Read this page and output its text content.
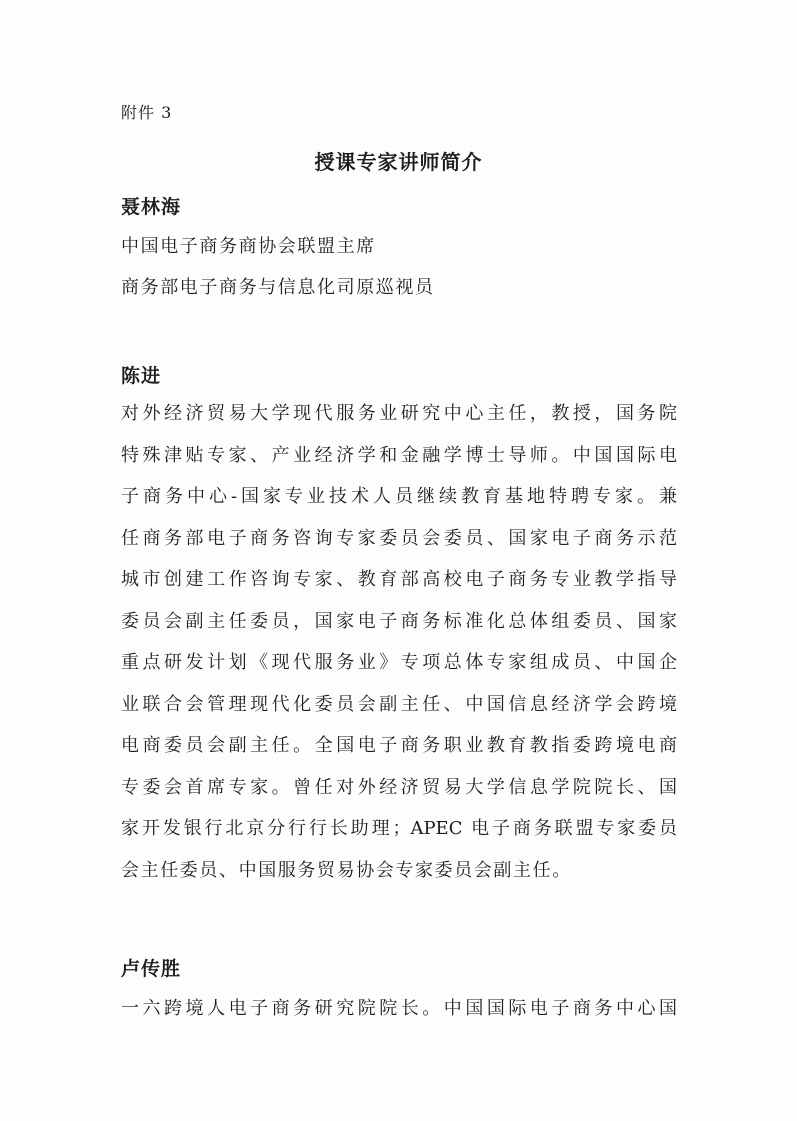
附件 3
授课专家讲师简介
聂林海
中国电子商务商协会联盟主席
商务部电子商务与信息化司原巡视员
陈进
对外经济贸易大学现代服务业研究中心主任，教授，国务院
特殊津贴专家、产业经济学和金融学博士导师。中国国际电
子商务中心-国家专业技术人员继续教育基地特聘专家。兼
任商务部电子商务咨询专家委员会委员、国家电子商务示范
城市创建工作咨询专家、教育部高校电子商务专业教学指导
委员会副主任委员，国家电子商务标准化总体组委员、国家
重点研发计划《现代服务业》专项总体专家组成员、中国企
业联合会管理现代化委员会副主任、中国信息经济学会跨境
电商委员会副主任。全国电子商务职业教育教指委跨境电商
专委会首席专家。曾任对外经济贸易大学信息学院院长、国
家开发银行北京分行行长助理；APEC 电子商务联盟专家委员
会主任委员、中国服务贸易协会专家委员会副主任。
卢传胜
一六跨境人电子商务研究院院长。中国国际电子商务中心国
